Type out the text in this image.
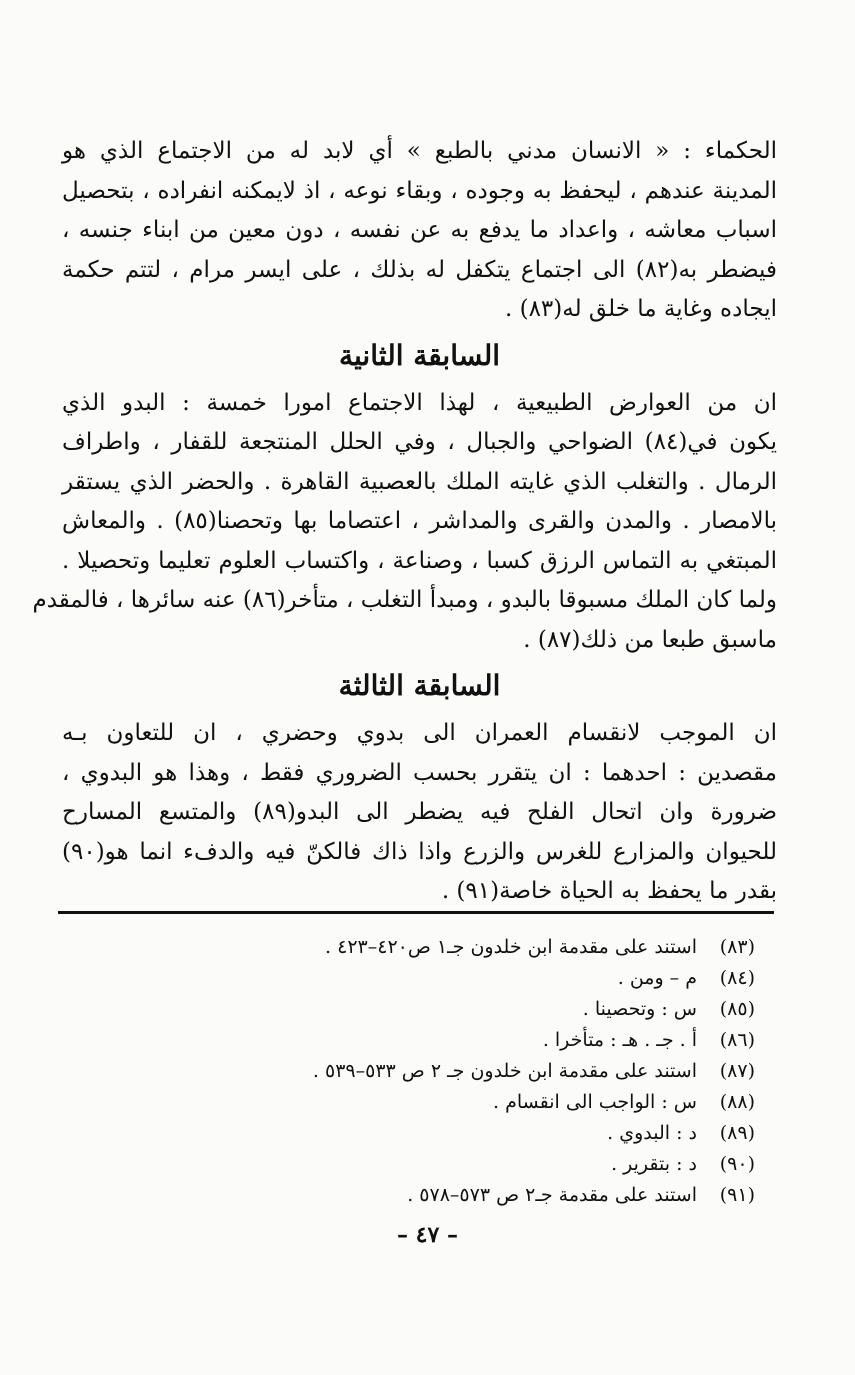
الحكماء : « الانسان مدني بالطبع » أي لابد له من الاجتماع الذي هو
المدينة عندهم ، ليحفظ به وجوده ، وبقاء نوعه ، اذ لايمكنه انفراده ، بتحصيل
اسباب معاشه ، واعداد ما يدفع به عن نفسه ، دون معين من ابناء جنسه ،
فيضطر به(٨٢) الى اجتماع يتكفل له بذلك ، على ايسر مرام ، لتتم حكمة
ايجاده وغاية ما خلق له(٨٣) .

السابقة الثانية

ان من العوارض الطبيعية ، لهذا الاجتماع امورا خمسة : البدو الذي
يكون في(٨٤) الضواحي والجبال ، وفي الحلل المنتجعة للقفار ، واطراف
الرمال . والتغلب الذي غايته الملك بالعصبية القاهرة . والحضر الذي يستقر
بالامصار . والمدن والقرى والمداشر ، اعتصاما بها وتحصنا(٨٥) . والمعاش
المبتغي به التماس الرزق كسبا ، وصناعة ، واكتساب العلوم تعليما وتحصيلا .
ولما كان الملك مسبوقا بالبدو ، ومبدأ التغلب ، متأخر(٨٦) عنه سائرها ، فالمقدم
ماسبق طبعا من ذلك(٨٧) .

السابقة الثالثة

ان الموجب لانقسام العمران الى بدوي وحضري ، ان للتعاون بـه
مقصدين : احدهما : ان يتقرر بحسب الضروري فقط ، وهذا هو البدوي ،
ضرورة وان اتحال الفلح فيه يضطر الى البدو(٨٩) والمتسع المسارح
للحيوان والمزارع للغرس والزرع واذا ذاك فالكنّ فيه والدفء انما هو(٩٠)
بقدر ما يحفظ به الحياة خاصة(٩١) .

(٨٣)
استند على مقدمة ابن خلدون جـ١ ص٤٢٠–٤٢٣ .
(٨٤)
م – ومن .
(٨٥)
س : وتحصينا .
(٨٦)
أ . جـ . هـ : متأخرا .
(٨٧)
استند على مقدمة ابن خلدون جـ ٢ ص ٥٣٣–٥٣٩ .
(٨٨)
س : الواجب الى انقسام .
(٨٩)
د : البدوي .
(٩٠)
د : بتقرير .
(٩١)
استند على مقدمة جـ٢ ص ٥٧٣–٥٧٨ .
– ٤٧ –
